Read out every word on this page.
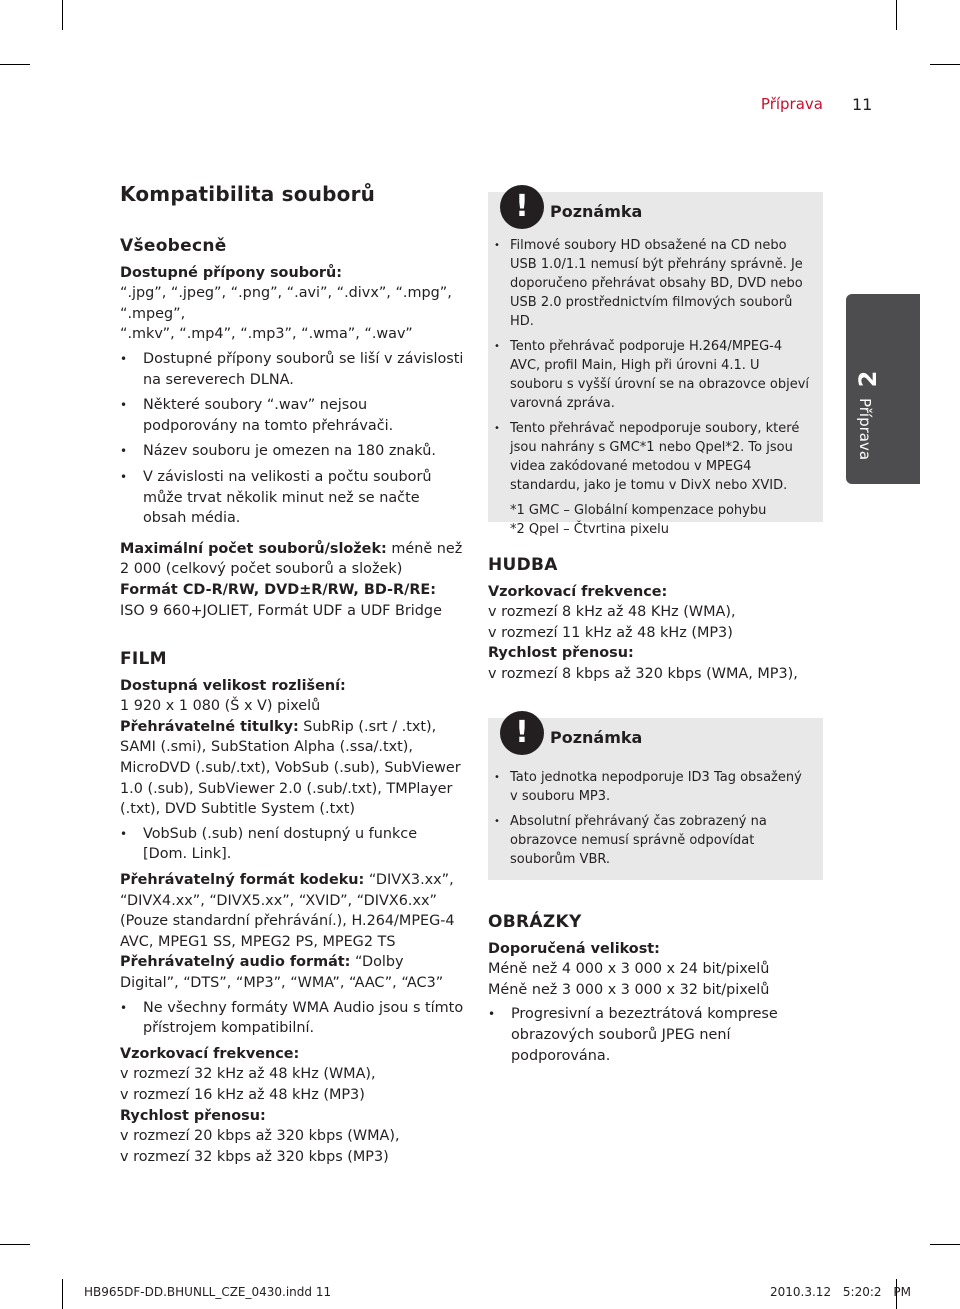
Příprava 11
Kompatibilita souborů
Všeobecně

Dostupné přípony souborů:

“.jpg”, “.jpeg”, “.png”, “.avi”, “.divx”, “.mpg”, “.mpeg”,

“.mkv”, “.mp4”, “.mp3”, “.wma”, “.wav”

• Dostupné přípony souborů se liší v závislosti na sereverech DLNA.
• Některé soubory “.wav” nejsou podporovány na tomto přehrávači.
• Název souboru je omezen na 180 znaků.
• V závislosti na velikosti a počtu souborů může trvat několik minut než se načte obsah média.

Maximální počet souborů/složek: méně než 2 000 (celkový počet souborů a složek)

Formát CD-R/RW, DVD±R/RW, BD-R/RE:

ISO 9 660+JOLIET, Formát UDF a UDF Bridge

FILM

Dostupná velikost rozlišení:

1 920 x 1 080 (Š x V) pixelů

Přehrávatelné titulky: SubRip (.srt / .txt), SAMI (.smi), SubStation Alpha (.ssa/.txt), MicroDVD (.sub/.txt), VobSub (.sub), SubViewer 1.0 (.sub), SubViewer 2.0 (.sub/.txt), TMPlayer (.txt), DVD Subtitle System (.txt)

• VobSub (.sub) není dostupný u funkce [Dom. Link].

Přehrávatelný formát kodeku: “DIVX3.xx”, “DIVX4.xx”, “DIVX5.xx”, “XVID”, “DIVX6.xx” (Pouze standardní přehrávání.), H.264/MPEG-4 AVC, MPEG1 SS, MPEG2 PS, MPEG2 TS

Přehrávatelný audio formát: “Dolby Digital”, “DTS”, “MP3”, “WMA”, “AAC”, “AC3”

• Ne všechny formáty WMA Audio jsou s tímto přístrojem kompatibilní.

Vzorkovací frekvence:

v rozmezí 32 kHz až 48 kHz (WMA),

v rozmezí 16 kHz až 48 kHz (MP3)

Rychlost přenosu:

v rozmezí 20 kbps až 320 kbps (WMA),

v rozmezí 32 kbps až 320 kbps (MP3)

!	Poznámka
• Filmové soubory HD obsažené na CD nebo USB 1.0/1.1 nemusí být přehrány správně. Je doporučeno přehrávat obsahy BD, DVD nebo USB 2.0 prostřednictvím filmových souborů HD.
• Tento přehrávač podporuje H.264/MPEG-4 AVC, profil Main, High při úrovni 4.1. U souboru s vyšší úrovní se na obrazovce objeví varovná zpráva.
• Tento přehrávač nepodporuje soubory, které jsou nahrány s GMC*1 nebo Qpel*2. To jsou videa zakódované metodou v MPEG4 standardu, jako je tomu v DivX nebo XVID.

*1 GMC – Globální kompenzace pohybu

*2 Qpel – Čtvrtina pixelu

HUDBA

Vzorkovací frekvence:

v rozmezí 8 kHz až 48 KHz (WMA),

v rozmezí 11 kHz až 48 kHz (MP3)

Rychlost přenosu:

v rozmezí 8 kbps až 320 kbps (WMA, MP3),

!	Poznámka
• Tato jednotka nepodporuje ID3 Tag obsažený v souboru MP3.
• Absolutní přehrávaný čas zobrazený na obrazovce nemusí správně odpovídat souborům VBR.
OBRÁZKY

Doporučená velikost:

Méně než 4 000 x 3 000 x 24 bit/pixelů

Méně než 3 000 x 3 000 x 32 bit/pixelů

• Progresivní a bezeztrátová komprese obrazových souborů JPEG není podporována.
2
Příprava
HB965DF-DD.BHUNLL_CZE_0430.indd 11	2010.3.12 5:20:2 PM
